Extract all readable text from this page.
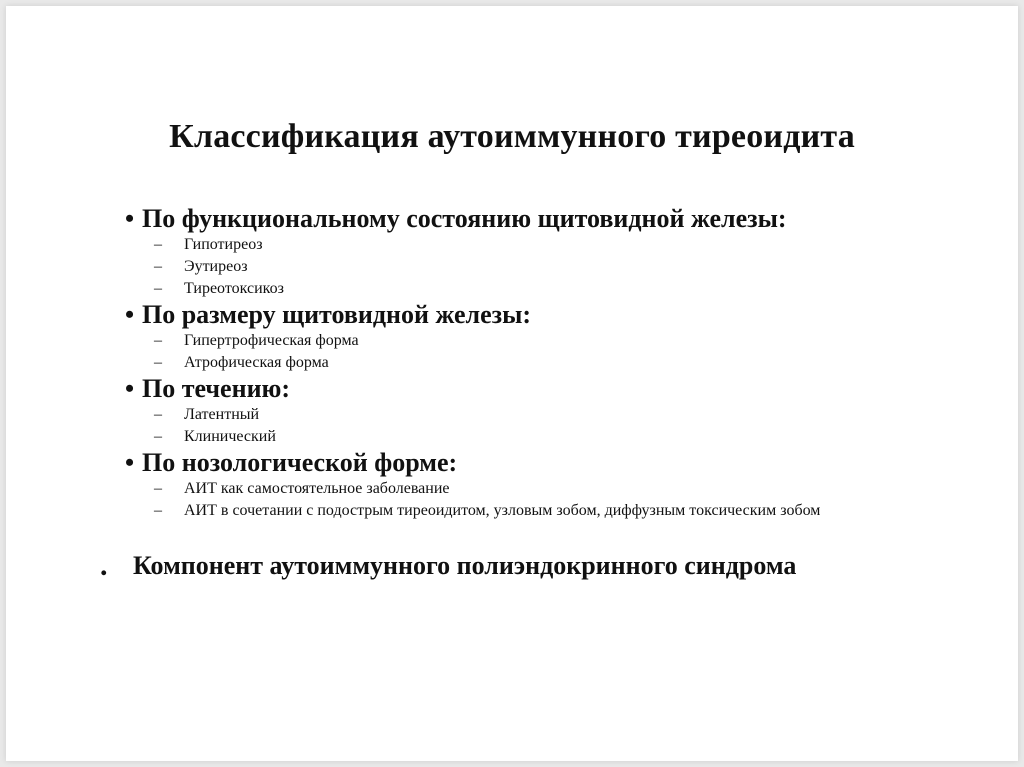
Классификация аутоиммунного тиреоидита
• По функциональному состоянию щитовидной железы:
– Гипотиреоз
– Эутиреоз
– Тиреотоксикоз
• По размеру щитовидной железы:
– Гипертрофическая форма
– Атрофическая форма
• По течению:
– Латентный
– Клинический
• По нозологической форме:
– АИТ как самостоятельное заболевание
– АИТ в сочетании с подострым тиреоидитом, узловым зобом, диффузным токсическим зобом
. Компонент аутоиммунного полиэндокринного синдрома
